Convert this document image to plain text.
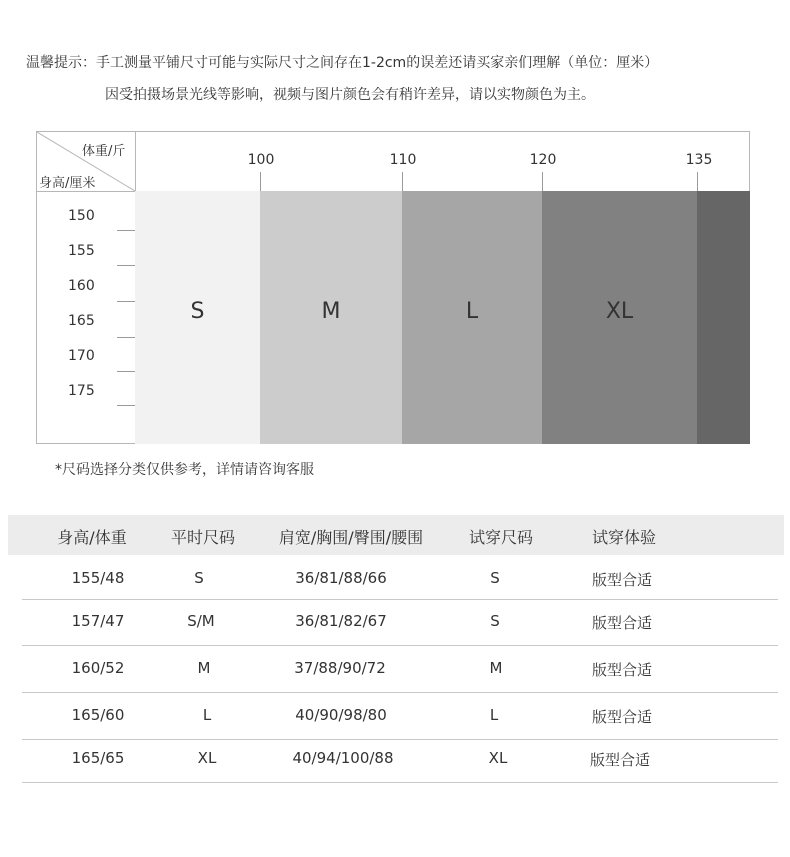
温馨提示：手工测量平铺尺寸可能与实际尺寸之间存在1-2cm的误差还请买家亲们理解（单位：厘米）
因受拍摄场景光线等影响，视频与图片颜色会有稍许差异，请以实物颜色为主。
体重/斤
身高/厘米
S	M	L	XL
100	110	120	135
150
155
160
165
170
175
*尺码选择分类仅供参考，详情请咨询客服
身高/体重	平时尺码	肩宽/胸围/臀围/腰围	试穿尺码	试穿体验
155/48	S	36/81/88/66	S	版型合适
157/47	S/M	36/81/82/67	S	版型合适
160/52	M	37/88/90/72	M	版型合适
165/60	L	40/90/98/80	L	版型合适
165/65	XL	40/94/100/88	XL	版型合适
